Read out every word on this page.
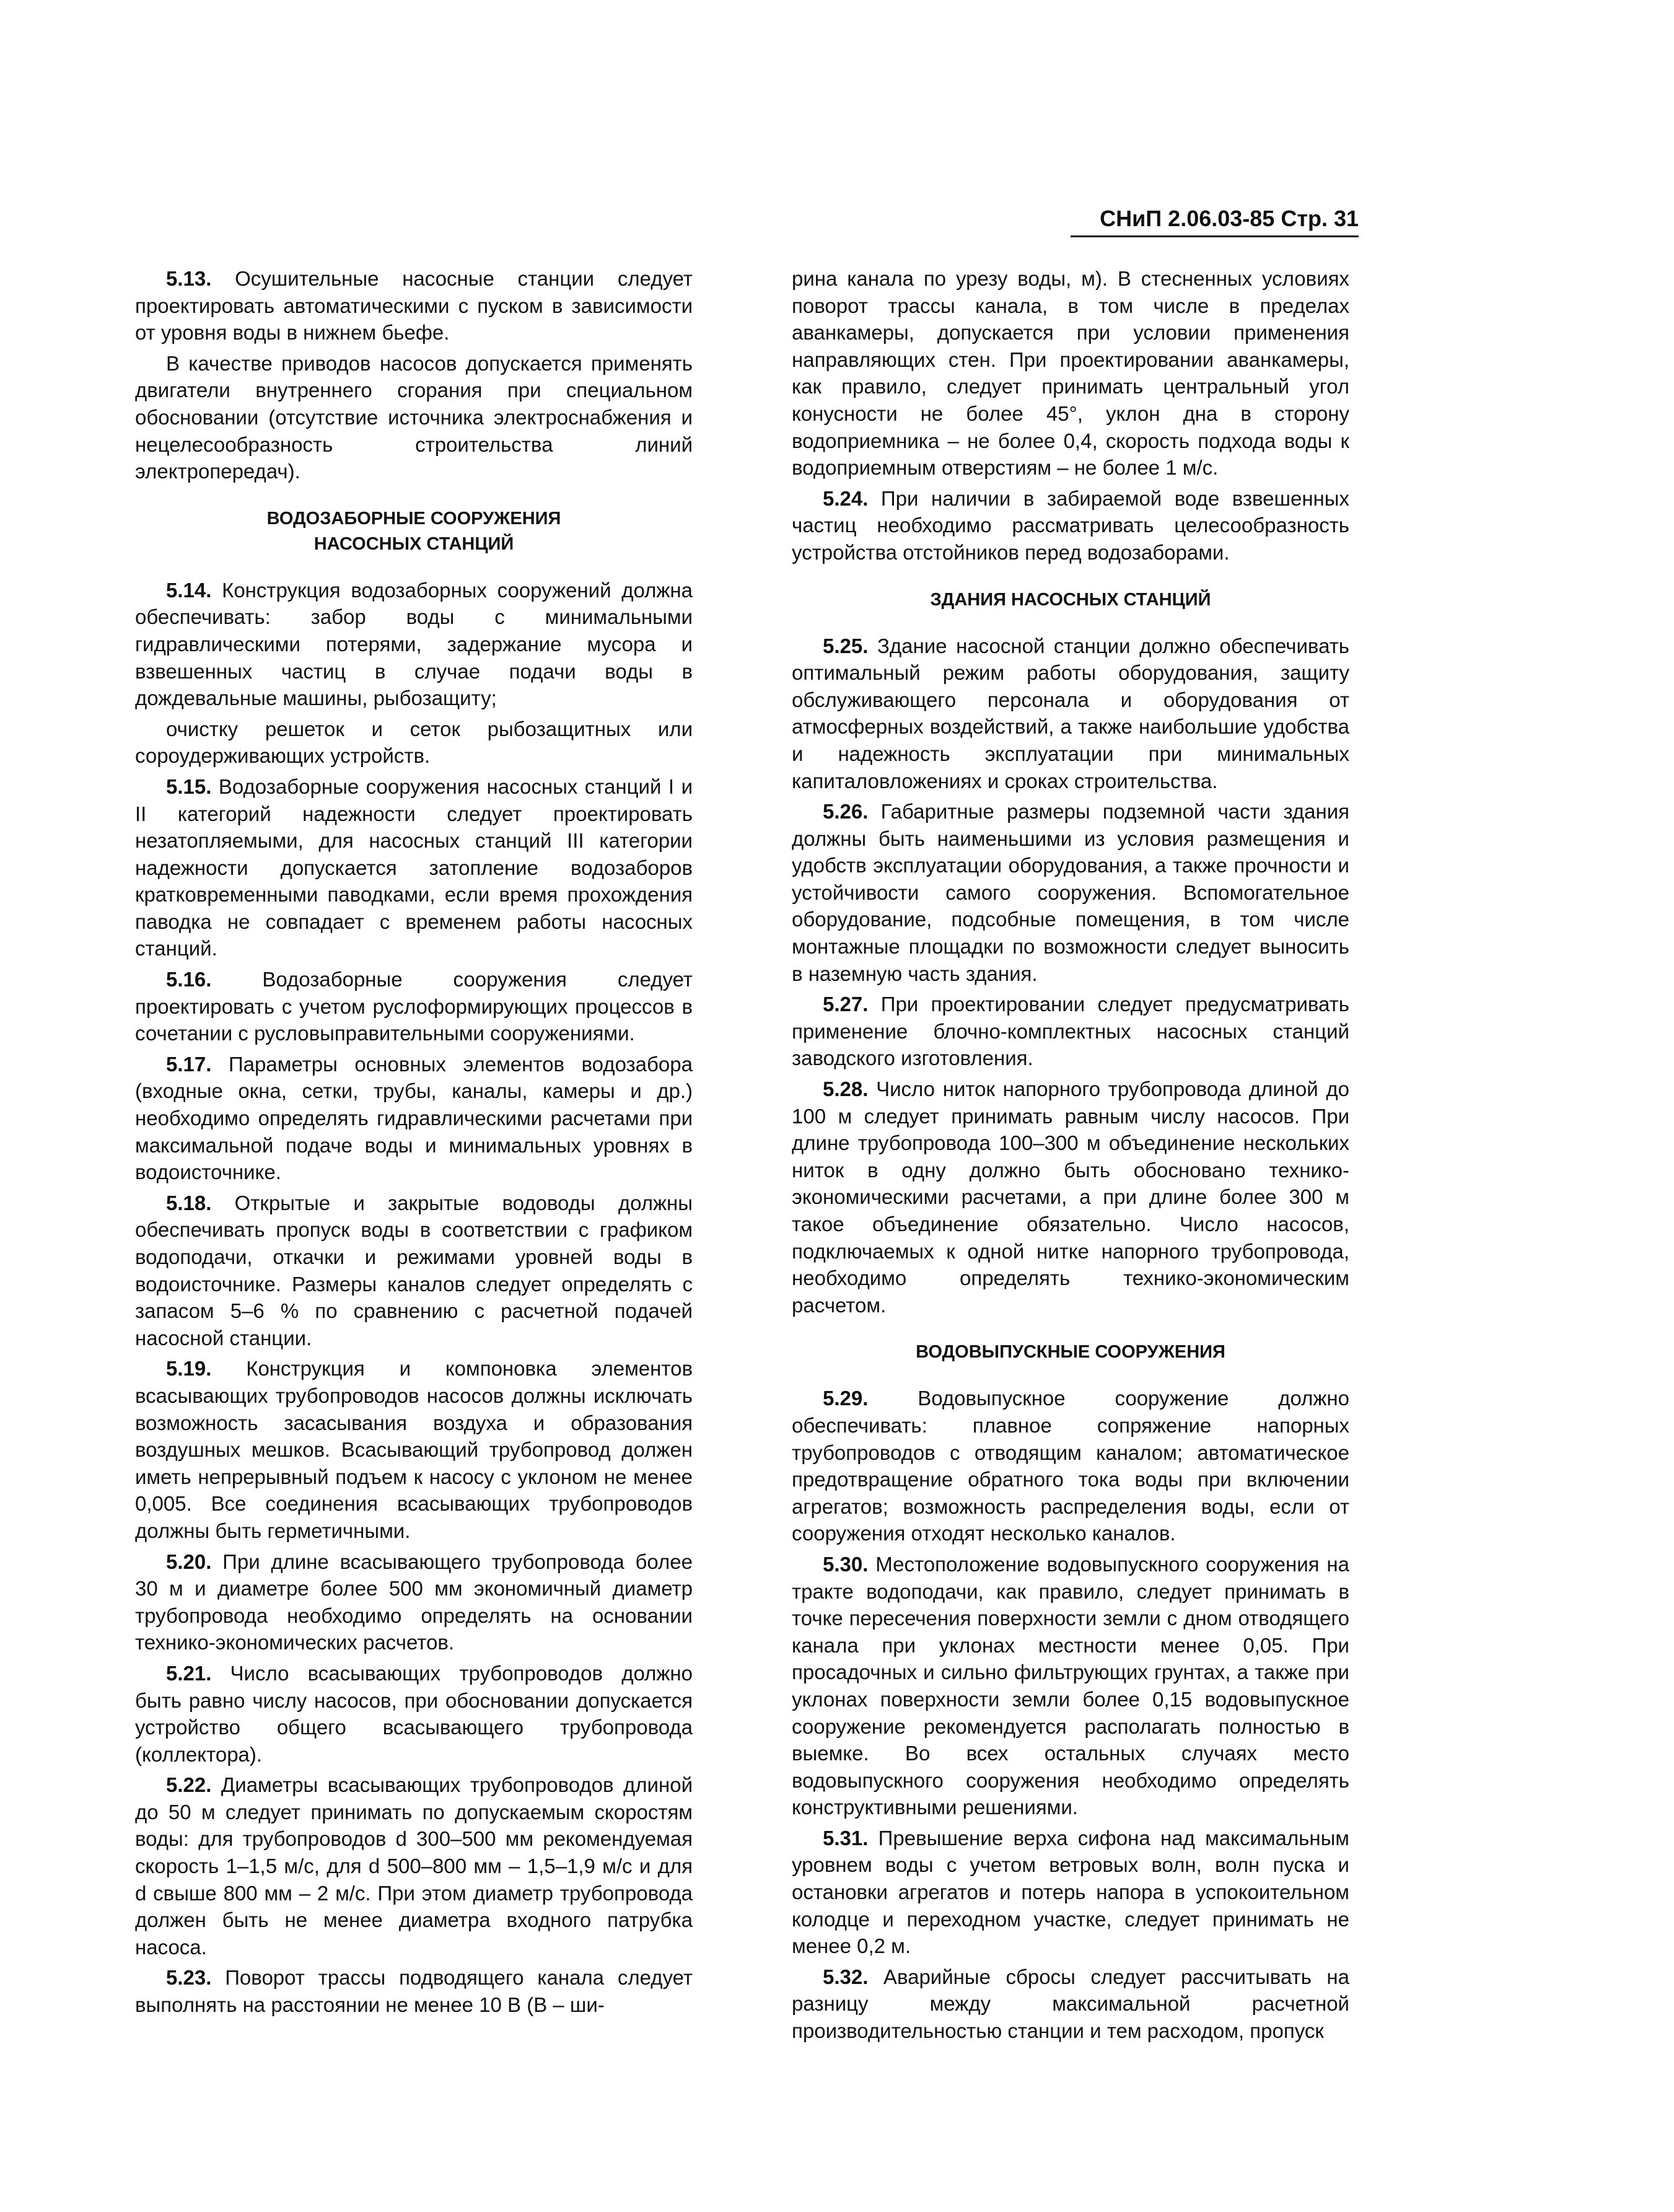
СНиП 2.06.03-85 Стр. 31

5.13. Осушительные насосные станции следует проектировать автоматическими с пуском в зависимости от уровня воды в нижнем бьефе.

В качестве приводов насосов допускается применять двигатели внутреннего сгорания при специальном обосновании (отсутствие источника электроснабжения и нецелесообразность строительства линий электропередач).

ВОДОЗАБОРНЫЕ СООРУЖЕНИЯ
НАСОСНЫХ СТАНЦИЙ

5.14. Конструкция водозаборных сооружений должна обеспечивать: забор воды с минимальными гидравлическими потерями, задержание мусора и взвешенных частиц в случае подачи воды в дождевальные машины, рыбозащиту;

очистку решеток и сеток рыбозащитных или сороудерживающих устройств.

5.15. Водозаборные сооружения насосных станций I и II категорий надежности следует проектировать незатопляемыми, для насосных станций III категории надежности допускается затопление водозаборов кратковременными паводками, если время прохождения паводка не совпадает с временем работы насосных станций.

5.16. Водозаборные сооружения следует проектировать с учетом руслоформирующих процессов в сочетании с русловыправительными сооружениями.

5.17. Параметры основных элементов водозабора (входные окна, сетки, трубы, каналы, камеры и др.) необходимо определять гидравлическими расчетами при максимальной подаче воды и минимальных уровнях в водоисточнике.

5.18. Открытые и закрытые водоводы должны обеспечивать пропуск воды в соответствии с графиком водоподачи, откачки и режимами уровней воды в водоисточнике. Размеры каналов следует определять с запасом 5–6 % по сравнению с расчетной подачей насосной станции.

5.19. Конструкция и компоновка элементов всасывающих трубопроводов насосов должны исключать возможность засасывания воздуха и образования воздушных мешков. Всасывающий трубопровод должен иметь непрерывный подъем к насосу с уклоном не менее 0,005. Все соединения всасывающих трубопроводов должны быть герметичными.

5.20. При длине всасывающего трубопровода более 30 м и диаметре более 500 мм экономичный диаметр трубопровода необходимо определять на основании технико-экономических расчетов.

5.21. Число всасывающих трубопроводов должно быть равно числу насосов, при обосновании допускается устройство общего всасывающего трубопровода (коллектора).

5.22. Диаметры всасывающих трубопроводов длиной до 50 м следует принимать по допускаемым скоростям воды: для трубопроводов d 300–500 мм рекомендуемая скорость 1–1,5 м/с, для d 500–800 мм – 1,5–1,9 м/с и для d свыше 800 мм – 2 м/с. При этом диаметр трубопровода должен быть не менее диаметра входного патрубка насоса.

5.23. Поворот трассы подводящего канала следует выполнять на расстоянии не менее 10 В (В – ши-

рина канала по урезу воды, м). В стесненных условиях поворот трассы канала, в том числе в пределах аванкамеры, допускается при условии применения направляющих стен. При проектировании аванкамеры, как правило, следует принимать центральный угол конусности не более 45°, уклон дна в сторону водоприемника – не более 0,4, скорость подхода воды к водоприемным отверстиям – не более 1 м/с.

5.24. При наличии в забираемой воде взвешенных частиц необходимо рассматривать целесообразность устройства отстойников перед водозаборами.

ЗДАНИЯ НАСОСНЫХ СТАНЦИЙ

5.25. Здание насосной станции должно обеспечивать оптимальный режим работы оборудования, защиту обслуживающего персонала и оборудования от атмосферных воздействий, а также наибольшие удобства и надежность эксплуатации при минимальных капиталовложениях и сроках строительства.

5.26. Габаритные размеры подземной части здания должны быть наименьшими из условия размещения и удобств эксплуатации оборудования, а также прочности и устойчивости самого сооружения. Вспомогательное оборудование, подсобные помещения, в том числе монтажные площадки по возможности следует выносить в наземную часть здания.

5.27. При проектировании следует предусматривать применение блочно-комплектных насосных станций заводского изготовления.

5.28. Число ниток напорного трубопровода длиной до 100 м следует принимать равным числу насосов. При длине трубопровода 100–300 м объединение нескольких ниток в одну должно быть обосновано технико-экономическими расчетами, а при длине более 300 м такое объединение обязательно. Число насосов, подключаемых к одной нитке напорного трубопровода, необходимо определять технико-экономическим расчетом.

ВОДОВЫПУСКНЫЕ СООРУЖЕНИЯ

5.29. Водовыпускное сооружение должно обеспечивать: плавное сопряжение напорных трубопроводов с отводящим каналом; автоматическое предотвращение обратного тока воды при включении агрегатов; возможность распределения воды, если от сооружения отходят несколько каналов.

5.30. Местоположение водовыпускного сооружения на тракте водоподачи, как правило, следует принимать в точке пересечения поверхности земли с дном отводящего канала при уклонах местности менее 0,05. При просадочных и сильно фильтрующих грунтах, а также при уклонах поверхности земли более 0,15 водовыпускное сооружение рекомендуется располагать полностью в выемке. Во всех остальных случаях место водовыпускного сооружения необходимо определять конструктивными решениями.

5.31. Превышение верха сифона над максимальным уровнем воды с учетом ветровых волн, волн пуска и остановки агрегатов и потерь напора в успокоительном колодце и переходном участке, следует принимать не менее 0,2 м.

5.32. Аварийные сбросы следует рассчитывать на разницу между максимальной расчетной производительностью станции и тем расходом, пропуск
